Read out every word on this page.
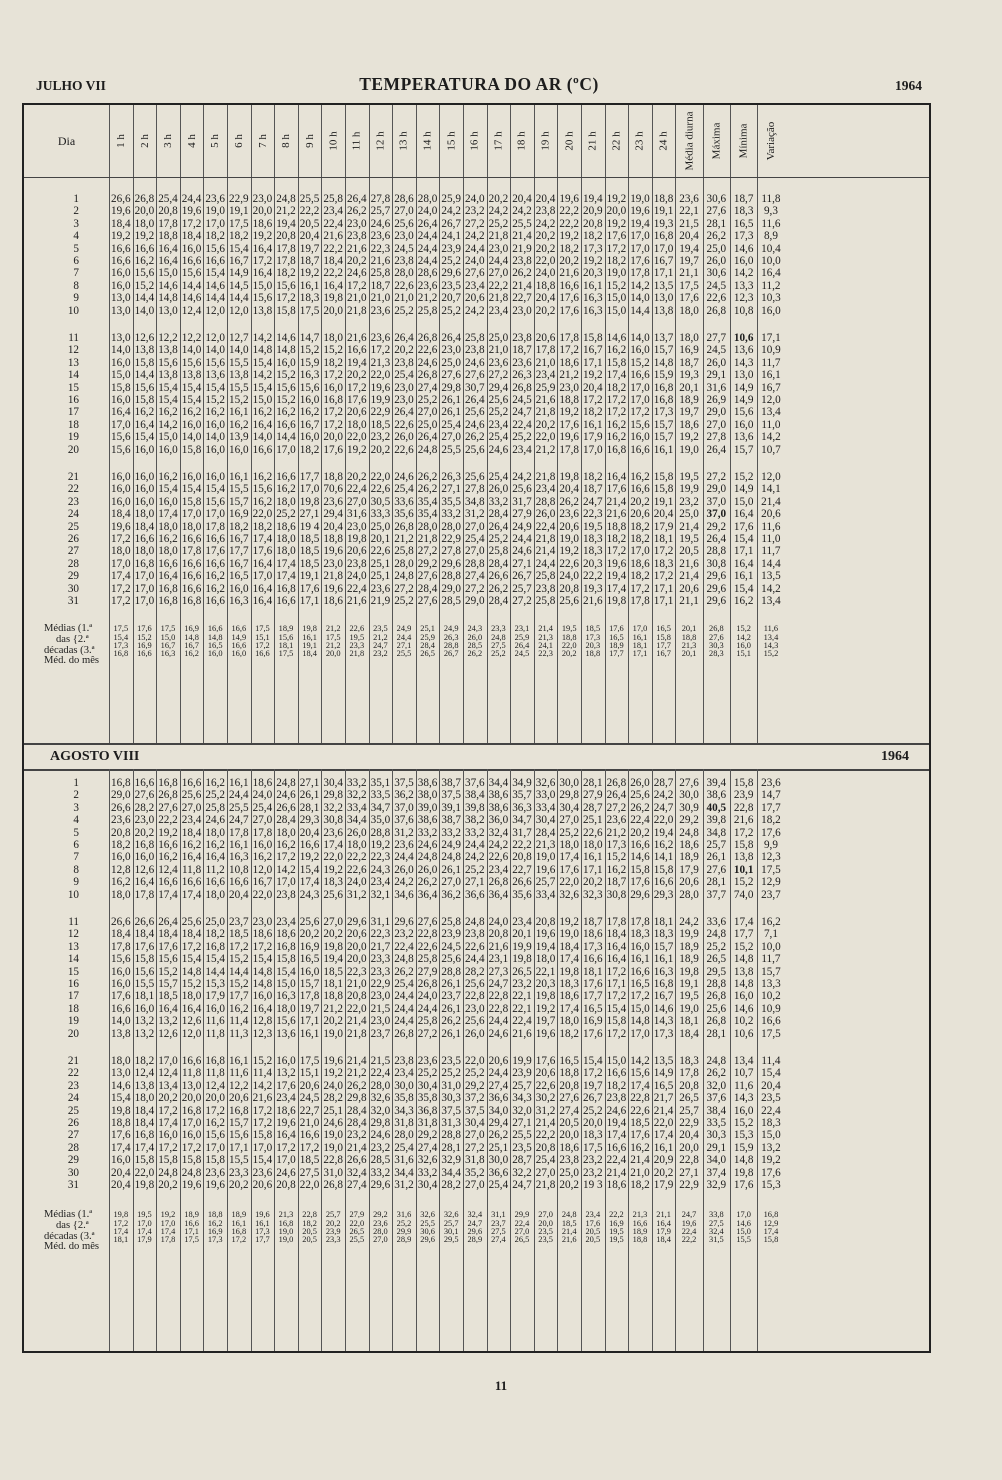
JULHO VII	TEMPERATURA DO AR (ºC)	1964
Dia	1 h 2 h 3 h 4 h 5 h 6 h 7 h 8 h 9 h 10 h 11 h 12 h 13 h 14 h 15 h 16 h 17 h 18 h 19 h 20 h 21 h 22 h 23 h 24 h Média diurna Máxima Mínima Variação
1	26,6 26,8 25,4 24,4 23,6 22,9 23,0 24,8 25,5 25,8 26,4 27,8 28,6 28,0 25,9 24,0 20,2 20,4 20,4 19,6 19,4 19,2 19,0 18,8 23,6 30,6 18,7 11,8
2	19,6 20,0 20,8 19,6 19,0 19,1 20,0 21,2 22,2 23,4 26,2 25,7 27,0 24,0 24,2 23,2 24,2 24,2 23,8 22,2 20,9 20,0 19,6 19,1 22,1 27,6 18,3 9,3
3	18,4 18,0 17,8 17,2 17,0 17,5 18,6 19,4 20,5 22,4 23,0 24,6 25,6 26,4 26,7 27,2 25,2 25,5 24,2 22,2 20,8 19,2 19,4 19,3 21,5 28,1 16,5 11,6
4	19,2 19,2 18,8 18,4 18,2 18,2 19,2 20,8 20,4 21,6 23,8 23,6 23,0 24,4 24,1 24,2 21,8 21,4 20,2 19,2 18,2 17,6 17,0 16,8 20,4 26,2 17,3 8,9
5	16,6 16,6 16,4 16,0 15,6 15,4 16,4 17,8 19,7 22,2 21,6 22,3 24,5 24,4 23,9 24,4 23,0 21,9 20,2 18,2 17,3 17,2 17,0 17,0 19,4 25,0 14,6 10,4
6	16,6 16,2 16,4 16,6 16,6 16,7 17,2 17,8 18,7 18,4 20,2 21,6 23,8 24,4 25,2 24,0 24,4 23,8 22,0 20,2 19,2 18,2 17,6 16,7 19,7 26,0 16,0 10,0
7	16,0 15,6 15,0 15,6 15,4 14,9 16,4 18,2 19,2 22,2 24,6 25,8 28,0 28,6 29,6 27,6 27,0 26,2 24,0 21,6 20,3 19,0 17,8 17,1 21,1 30,6 14,2 16,4
8	16,0 15,2 14,6 14,4 14,6 14,5 15,0 15,6 16,1 16,4 17,2 18,7 22,6 23,6 23,5 23,4 22,2 21,4 18,8 16,6 16,1 15,2 14,2 13,5 17,5 24,5 13,3 11,2
9	13,0 14,4 14,8 14,6 14,4 14,4 15,6 17,2 18,3 19,8 21,0 21,0 21,0 21,2 20,7 20,6 21,8 22,7 20,4 17,6 16,3 15,0 14,0 13,0 17,6 22,6 12,3 10,3
10	13,0 14,0 13,0 12,4 12,0 12,0 13,8 15,8 17,5 20,0 21,8 23,6 25,2 25,8 25,2 24,2 23,4 23,0 20,2 17,6 16,3 15,0 14,4 13,8 18,0 26,8 10,8 16,0
11	13,0 12,6 12,2 12,2 12,0 12,7 14,2 14,6 14,7 18,0 21,6 23,6 26,4 26,8 26,4 25,8 25,0 23,8 20,6 17,8 15,8 14,6 14,0 13,7 18,0 27,7 10,6 17,1
12	14,0 13,8 13,8 14,0 14,0 14,0 14,8 14,8 15,2 15,2 16,6 17,2 20,2 22,6 23,0 23,8 21,0 18,7 17,8 17,2 16,7 16,2 16,0 15,7 16,9 24,5 13,6 10,9
13	16,0 15,8 15,6 15,6 15,6 15,5 15,4 16,0 15,9 18,2 19,4 21,3 23,8 24,6 25,0 24,6 23,6 23,6 21,0 18,6 17,1 15,8 15,2 14,8 18,7 26,0 14,3 11,7
14	15,0 14,4 13,8 13,8 13,6 13,8 14,2 15,2 16,3 17,2 20,2 22,0 25,4 26,8 27,6 27,6 27,2 26,3 23,4 21,2 19,2 17,4 16,6 15,9 19,3 29,1 13,0 16,1
15	15,8 15,6 15,4 15,4 15,4 15,5 15,4 15,6 15,6 16,0 17,2 19,6 23,0 27,4 29,8 30,7 29,4 26,8 25,9 23,0 20,4 18,2 17,0 16,8 20,1 31,6 14,9 16,7
16	16,0 15,8 15,4 15,4 15,2 15,2 15,0 15,2 16,0 16,8 17,6 19,9 23,0 25,2 26,1 26,4 25,6 24,5 21,6 18,8 17,2 17,2 17,0 16,8 18,9 26,9 14,9 12,0
17	16,4 16,2 16,2 16,2 16,2 16,1 16,2 16,2 16,2 17,2 20,6 22,9 26,4 27,0 26,1 25,6 25,2 24,7 21,8 19,2 18,2 17,2 17,2 17,3 19,7 29,0 15,6 13,4
18	17,0 16,4 14,2 16,0 16,0 16,2 16,4 16,6 16,7 17,2 18,0 18,5 22,6 25,0 25,4 24,6 23,4 22,4 20,2 17,6 16,1 16,2 15,6 15,7 18,6 27,0 16,0 11,0
19	15,6 15,4 15,0 14,0 14,0 13,9 14,0 14,4 16,0 20,0 22,0 23,2 26,0 26,4 27,0 26,2 25,4 25,2 22,0 19,6 17,9 16,2 16,0 15,7 19,2 27,8 13,6 14,2
20	15,6 16,0 16,0 15,8 16,0 16,0 16,6 17,0 18,2 17,6 19,2 20,2 22,6 24,8 25,5 25,6 24,6 23,4 21,2 17,8 17,0 16,8 16,6 16,1 19,0 26,4 15,7 10,7
21	16,0 16,0 16,2 16,0 16,0 16,1 16,2 16,6 17,7 18,8 20,2 22,0 24,6 26,2 26,3 25,6 25,4 24,2 21,8 19,8 18,2 16,4 16,2 15,8 19,5 27,2 15,2 12,0
22	16,0 16,0 15,4 15,4 15,4 15,5 15,6 16,2 17,0 70,6 22,4 22,6 25,4 26,2 27,1 27,8 26,0 25,6 23,4 20,4 18,7 17,6 16,6 15,8 19,9 29,0 14,9 14,1
23	16,0 16,0 16,0 15,8 15,6 15,7 16,2 18,0 19,8 23,6 27,0 30,5 33,6 35,4 35,5 34,8 33,2 31,7 28,8 26,2 24,7 21,4 20,2 19,1 23,2 37,0 15,0 21,4
24	18,4 18,0 17,4 17,0 17,0 16,9 22,0 25,2 27,1 29,4 31,6 33,3 35,6 35,4 33,2 31,2 28,4 27,9 26,0 23,6 22,3 21,6 20,6 20,4 25,0 37,0 16,4 20,6
25	19,6 18,4 18,0 18,0 17,8 18,2 18,2 18,6 19 4 20,4 23,0 25,0 26,8 28,0 28,0 27,0 26,4 24,9 22,4 20,6 19,5 18,8 18,2 17,9 21,4 29,2 17,6 11,6
26	17,2 16,6 16,2 16,6 16,6 16,7 17,4 18,0 18,5 18,8 19,8 20,1 21,2 21,8 22,9 25,4 25,2 24,4 21,8 19,0 18,3 18,2 18,2 18,1 19,5 26,4 15,4 11,0
27	18,0 18,0 18,0 17,8 17,6 17,7 17,6 18,0 18,5 19,6 20,6 22,6 25,8 27,2 27,8 27,0 25,8 24,6 21,4 19,2 18,3 17,2 17,0 17,2 20,5 28,8 17,1 11,7
28	17,0 16,8 16,6 16,6 16,6 16,7 16,4 17,4 18,5 23,0 23,8 25,1 28,0 29,2 29,6 28,8 28,4 27,1 24,4 22,6 20,3 19,6 18,6 18,3 21,6 30,8 16,4 14,4
29	17,4 17,0 16,4 16,6 16,2 16,5 17,0 17,4 19,1 21,8 24,0 25,1 24,8 27,6 28,8 27,4 26,6 26,7 25,8 24,0 22,2 19,4 18,2 17,2 21,4 29,6 16,1 13,5
30	17,2 17,0 16,8 16,6 16,2 16,0 16,4 16,8 17,6 19,6 22,4 23,6 27,2 28,4 29,0 27,2 26,2 25,7 23,8 20,8 19,3 17,4 17,2 17,1 20,6 29,6 15,4 14,2
31	17,2 17,0 16,8 16,8 16,6 16,3 16,4 16,6 17,1 18,6 21,6 21,9 25,2 27,6 28,5 29,0 28,4 27,2 25,8 25,6 21,6 19,8 17,8 17,1 21,1 29,6 16,2 13,4
Médias (1.ª
das {2.ª
décadas (3.ª
Méd. do mês
17,5	17,6	17,5	16,9	16,6	16,6	17,5	18,9	19,8	21,2	22,6	23,5	24,9	25,1	24,9	24,3	23,3	23,1	21,4	19,5	18,5	17,6	17,0	16,5	20,1	26,8	15,2	11,6
15,4	15,2	15,0	14,8	14,8	14,9	15,1	15,6	16,1	17,5	19,5	21,2	24,4	25,9	26,3	26,0	24,8	25,9	21,3	18,8	17,3	16,5	16,1	15,8	18,8	27,6	14,2	13,4
17,3	16,9	16,7	16,7	16,5	16,6	17,2	18,1	19,1	21,2	23,3	24,7	27,1	28,4	28,8	28,5	27,5	26,4	24,1	22,0	20,3	18,9	18,1	17,7	21,3	30,3	16,0	14,3
16,8	16,6	16,3	16,2	16,0	16,0	16,6	17,5	18,4	20,0	21,8	23,2	25,5	26,5	26,7	26,2	25,2	24,5	22,3	20,2	18,8	17,7	17,1	16,7	20,1	28,3	15,1	15,2
AGOSTO VIII	1964
1	16,8 16,6 16,8 16,6 16,2 16,1 18,6 24,8 27,1 30,4 33,2 35,1 37,5 38,6 38,7 37,6 34,4 34,9 32,6 30,0 28,1 26,8 26,0 28,7 27,6 39,4 15,8 23,6
2	29,0 27,6 26,8 25,6 25,2 24,4 24,0 24,6 26,1 29,8 32,2 33,5 36,2 38,0 37,5 38,4 38,6 35,7 33,0 29,8 27,9 26,4 25,6 24,2 30,0 38,6 23,9 14,7
3	26,6 28,2 27,6 27,0 25,8 25,5 25,4 26,6 28,1 32,2 33,4 34,7 37,0 39,0 39,1 39,8 38,6 36,3 33,4 30,4 28,7 27,2 26,2 24,7 30,9 40,5 22,8 17,7
4	23,6 23,0 22,2 23,4 24,6 24,7 27,0 28,4 29,3 30,8 34,4 35,0 37,6 38,6 38,7 38,2 36,0 34,7 30,4 27,0 25,1 23,6 22,4 22,0 29,2 39,8 21,6 18,2
5	20,8 20,2 19,2 18,4 18,0 17,8 17,8 18,0 20,4 23,6 26,0 28,8 31,2 33,2 33,2 33,2 32,4 31,7 28,4 25,2 22,6 21,2 20,2 19,4 24,8 34,8 17,2 17,6
6	18,2 16,8 16,6 16,2 16,2 16,1 16,0 16,2 16,6 17,4 18,0 19,2 23,6 24,6 24,9 24,4 24,2 22,2 21,3 18,0 18,0 17,3 16,6 16,2 18,6 25,7 15,8 9,9
7	16,0 16,0 16,2 16,4 16,4 16,3 16,2 17,2 19,2 22,0 22,2 22,3 24,4 24,8 24,8 24,2 22,6 20,8 19,0 17,4 16,1 15,2 14,6 14,1 18,9 26,1 13,8 12,3
8	12,8 12,6 12,4 11,8 11,2 10,8 12,0 14,2 15,4 19,2 22,6 24,3 26,0 26,0 26,1 25,2 23,4 22,7 19,6 17,6 17,1 16,2 15,8 15,8 17,9 27,6 10,1 17,5
9	16,2 16,4 16,6 16,6 16,6 16,6 16,7 17,0 17,4 18,3 24,0 23,4 24,2 26,2 27,0 27,1 26,8 26,6 25,7 22,0 20,2 18,7 17,6 16,6 20,6 28,1 15,2 12,9
10	18,0 17,8 17,4 17,4 18,0 20,4 22,0 23,8 24,3 25,6 31,2 32,1 34,6 36,4 36,2 36,6 36,4 35,6 33,4 32,6 32,3 30,8 29,6 29,3 28,0 37,7 74,0 23,7
11	26,6 26,6 26,4 25,6 25,0 23,7 23,0 23,4 25,6 27,0 29,6 31,1 29,6 27,6 25,8 24,8 24,0 23,4 20,8 19,2 18,7 17,8 17,8 18,1 24,2 33,6 17,4 16,2
12	18,4 18,4 18,4 18,4 18,2 18,5 18,6 18,6 20,2 20,2 20,6 22,3 23,2 22,8 23,9 23,8 20,8 20,1 19,6 19,0 18,6 18,4 18,3 18,3 19,9 24,8 17,7 7,1
13	17,8 17,6 17,6 17,2 16,8 17,2 17,2 16,8 16,9 19,8 20,0 21,7 22,4 22,6 24,5 22,6 21,6 19,9 19,4 18,4 17,3 16,4 16,0 15,7 18,9 25,2 15,2 10,0
14	15,6 15,8 15,6 15,4 15,4 15,2 15,4 15,8 16,5 19,4 20,0 23,3 24,8 25,8 25,6 24,4 23,1 19,8 18,0 17,4 16,6 16,4 16,1 16,1 18,9 26,5 14,8 11,7
15	16,0 15,6 15,2 14,8 14,4 14,4 14,8 15,4 16,0 18,5 22,3 23,3 26,2 27,9 28,8 28,2 27,3 26,5 22,1 19,8 18,1 17,2 16,6 16,3 19,8 29,5 13,8 15,7
16	16,0 15,5 15,7 15,2 15,3 15,2 14,8 15,0 15,7 18,1 21,0 22,9 25,4 26,8 26,1 25,6 24,7 23,2 20,3 18,3 17,6 17,1 16,5 16,8 19,1 28,8 14,8 13,3
17	17,6 18,1 18,5 18,0 17,9 17,7 16,0 16,3 17,8 18,8 20,8 23,0 24,4 24,0 23,7 22,8 22,8 22,1 19,8 18,6 17,7 17,2 17,2 16,7 19,5 26,8 16,0 10,2
18	16,6 16,0 16,4 16,4 16,0 16,2 16,4 18,0 19,7 21,2 22,0 21,5 24,4 24,4 26,1 23,0 22,8 22,1 19,2 17,4 16,5 15,4 15,0 14,6 19,0 25,6 14,6 10,9
19	14,0 13,2 13,2 12,6 11,6 11,4 12,8 15,6 17,1 20,2 21,4 23,0 24,4 25,8 26,2 25,6 24,4 22,4 19,7 18,0 16,9 15,8 14,8 14,3 18,1 26,8 10,2 16,6
20	13,8 13,2 12,6 12,0 11,8 11,3 12,3 13,6 16,1 19,0 21,8 23,7 26,8 27,2 26,1 26,0 24,6 21,6 19,6 18,2 17,6 17,2 17,0 17,3 18,4 28,1 10,6 17,5
21	18,0 18,2 17,0 16,6 16,8 16,1 15,2 16,0 17,5 19,6 21,4 21,5 23,8 23,6 23,5 22,0 20,6 19,9 17,6 16,5 15,4 15,0 14,2 13,5 18,3 24,8 13,4 11,4
22	13,0 12,4 12,4 11,8 11,8 11,6 11,4 13,2 15,1 19,2 21,2 22,4 23,4 25,2 25,2 25,2 24,4 23,9 20,6 18,8 17,2 16,6 15,6 14,9 17,8 26,2 10,7 15,4
23	14,6 13,8 13,4 13,0 12,4 12,2 14,2 17,6 20,6 24,0 26,2 28,0 30,0 30,4 31,0 29,2 27,4 25,7 22,6 20,8 19,7 18,2 17,4 16,5 20,8 32,0 11,6 20,4
24	15,4 18,0 20,2 20,0 20,0 20,6 21,6 23,4 24,5 28,2 29,8 32,6 35,8 35,8 30,3 37,2 36,6 34,3 30,2 27,6 26,7 23,8 22,8 21,7 26,5 37,6 14,3 23,5
25	19,8 18,4 17,2 16,8 17,2 16,8 17,2 18,6 22,7 25,1 28,4 32,0 34,3 36,8 37,5 37,5 34,0 32,0 31,2 27,4 25,2 24,6 22,6 21,4 25,7 38,4 16,0 22,4
26	18,8 18,4 17,4 17,0 16,2 15,7 17,2 19,6 21,0 24,6 28,4 29,8 31,8 31,8 31,3 30,4 29,4 27,1 21,4 20,5 20,0 19,4 18,5 22,0 22,9 33,5 15,2 18,3
27	17,6 16,8 16,0 16,0 15,6 15,6 15,8 16,4 16,6 19,0 23,2 24,6 28,0 29,2 28,8 27,0 26,2 25,5 22,2 20,0 18,3 17,4 17,6 17,4 20,4 30,3 15,3 15,0
28	17,4 17,4 17,2 17,2 17,0 17,1 17,0 17,2 17,2 19,0 21,4 23,2 25,4 27,4 28,1 27,2 25,1 23,5 20,8 18,6 17,5 16,6 16,2 16,1 20,0 29,1 15,9 13,2
29	16,0 15,8 15,8 15,8 15,8 15,5 15,4 17,0 18,5 22,8 26,6 28,5 31,6 32,6 32,9 31,8 30,0 28,7 25,4 23,8 23,2 22,4 21,4 20,9 22,8 34,0 14,8 19,2
30	20,4 22,0 24,8 24,8 23,6 23,3 23,6 24,6 27,5 31,0 32,4 33,2 34,4 33,2 34,4 35,2 36,6 32,2 27,0 25,0 23,2 21,4 21,0 20,2 27,1 37,4 19,8 17,6
31	20,4 19,8 20,2 19,6 19,6 20,2 20,6 20,8 22,0 26,8 27,4 29,6 31,2 30,4 28,2 27,0 25,4 24,7 21,8 20,2 19 3 18,6 18,2 17,9 22,9 32,9 17,6 15,3
Médias (1.ª
das {2.ª
décadas (3.ª
Méd. do mês
19,8	19,5	19,2	18,9	18,8	18,9	19,6	21,3	22,8	25,7	27,9	29,2	31,6	32,6	32,6	32,4	31,1	29,9	27,0	24,8	23,4	22,2	21,3	21,1	24,7	33,8	17,0	16,8
17,2	17,0	17,0	16,6	16,2	16,1	16,1	16,8	18,2	20,2	22,0	23,6	25,2	25,5	25,7	24,7	23,7	22,4	20,0	18,5	17,6	16,9	16,6	16,4	19,6	27,5	14,6	12,9
17,4	17,4	17,4	17,1	16,9	16,8	17,3	19,0	20,5	23,9	26,5	28,0	29,9	30,6	30,1	29,6	27,5	27,0	23,5	21,4	20,5	19,5	18,9	17,9	22,4	32,4	15,0	17,4
18,1	17,9	17,8	17,5	17,3	17,2	17,7	19,0	20,5	23,3	25,5	27,0	28,9	29,6	29,5	28,9	27,4	26,5	23,5	21,6	20,5	19,5	18,8	18,4	22,2	31,5	15,5	15,8
11
